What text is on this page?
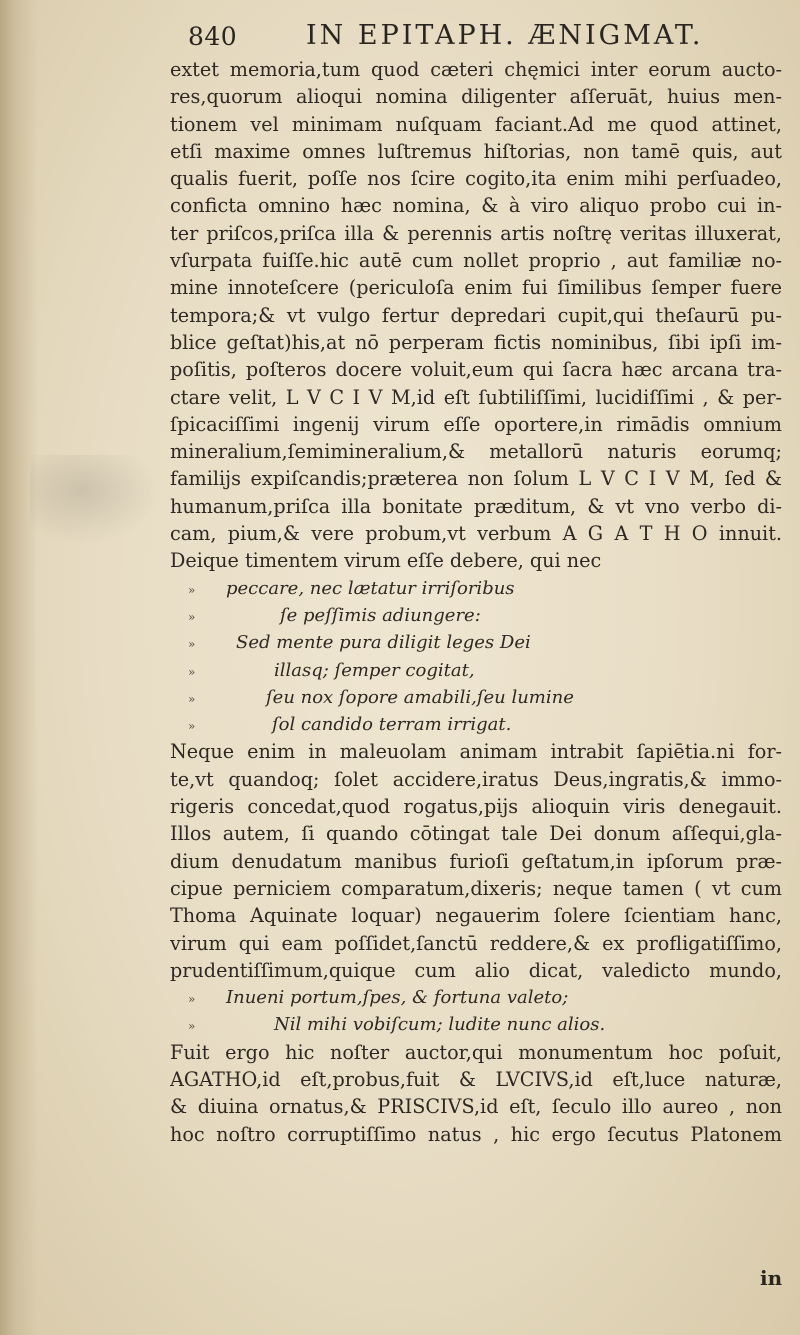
840	IN EPITAPH. ÆNIGMAT.
extet memoria,tum quod cæteri chęmici inter eorum aucto-
res,quorum alioqui nomina diligenter aſſeruāt, huius men-
tionem vel minimam nuſquam faciant.Ad me quod attinet,
etſi maxime omnes luſtremus hiſtorias, non tamē quis, aut
qualis fuerit, poſſe nos ſcire cogito,ita enim mihi perſuadeo,
confictа omnino hæc nomina, & à viro aliquo probo cui in-
ter priſcos,priſca illa & perennis artis noſtrę veritas illuxerat,
vſurpata fuiſſe.hic autē cum nollet proprio , aut familiæ no-
mine innoteſcere (periculoſa enim fui ſimilibus ſemper fuere
tempora;& vt vulgo fertur depredari cupit,qui theſaurū pu-
blice geſtat)his,at nō perperam fictis nominibus, ſibi ipſi im-
poſitis, poſteros docere voluit,eum qui ſacra hæc arcana tra-
ctare velit, L V C I V M,id eſt ſubtiliſſimi, lucidiſſimi , & per-
ſpicaciſſimi ingenij virum eſſe oportere,in rimādis omnium
mineralium,ſemimineralium,& metallorū naturis eorumq;
familijs expiſcandis;præterea non ſolum L V C I V M, ſed &
humanum,priſca illa bonitate præditum, & vt vno verbo di-
cam, pium,& vere probum,vt verbum A G A T H O innuit.
Deique timentem virum eſſe debere, qui nec
» peccare, nec lætatur irriſoribus
»	ſe peſſimis adiungere:
» Sed mente pura diligit leges Dei
»	illasq; ſemper cogitat,
»	ſeu nox ſopore amabili,ſeu lumine
»	ſol candido terram irrigat.
Neque enim in maleuolam animam intrabit ſapiētia.ni for-
te,vt quandoq; ſolet accidere,iratus Deus,ingratis,& immo-
rigeris concedat,quod rogatus,pijs alioquin viris denegauit.
Illos autem, ſi quando cōtingat tale Dei donum aſſequi,gla-
dium denudatum manibus furioſi geſtatum,in ipſorum præ-
cipue perniciem comparatum,dixeris; neque tamen ( vt cum
Thoma Aquinate loquar) negauerim ſolere ſcientiam hanc,
virum qui eam poſſidet,ſanctū reddere,& ex profligatiſſimo,
prudentiſſimum,quique cum alio dicat, valedicto mundo,
» Inueni portum,ſpes, & fortuna valeto;
»	Nil mihi vobiſcum; ludite nunc alios.
Fuit ergo hic noſter auctor,qui monumentum hoc poſuit,
AGATHO,id eſt,probus,fuit & LVCIVS,id eſt,luce naturæ,
& diuina ornatus,& PRISCIVS,id eſt, ſeculo illo aureo , non
hoc noſtro corruptiſſimo natus , hic ergo ſecutus Platonem
in
